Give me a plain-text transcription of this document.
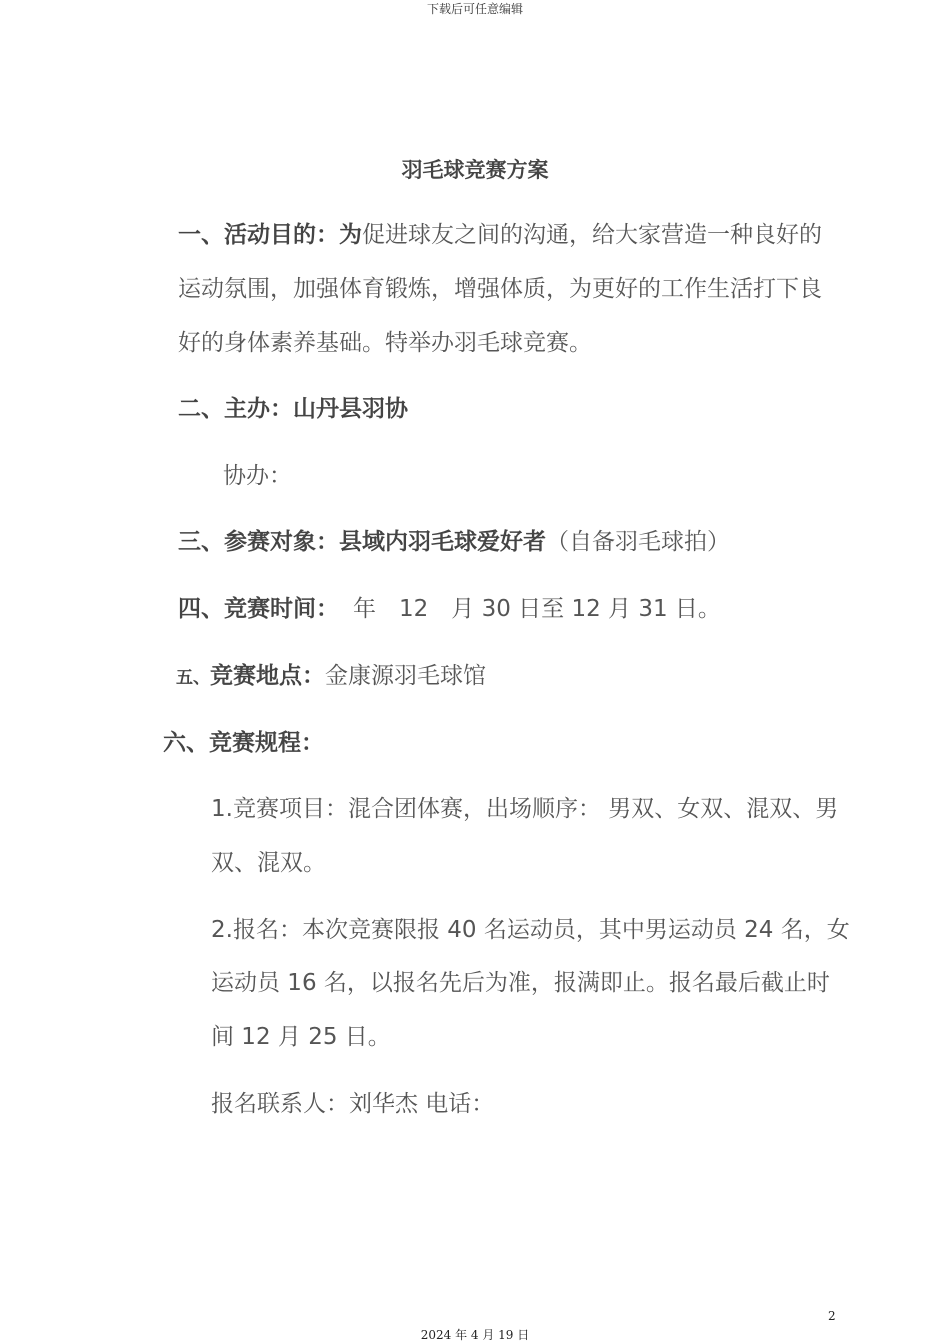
下载后可任意编辑
羽毛球竞赛方案
一、活动目的：为促进球友之间的沟通，给大家营造一种良好的
运动氛围，加强体育锻炼，增强体质，为更好的工作生活打下良
好的身体素养基础。特举办羽毛球竞赛。
二、主办：山丹县羽协
协办：
三、参赛对象：县域内羽毛球爱好者（自备羽毛球拍）
四、竞赛时间： 年　12　月 30 日至 12 月 31 日。
五、竞赛地点：金康源羽毛球馆
六、竞赛规程：
1.竞赛项目：混合团体赛，出场顺序： 男双、女双、混双、男
双、混双。
2.报名：本次竞赛限报 40 名运动员，其中男运动员 24 名，女
运动员 16 名，以报名先后为准，报满即止。报名最后截止时
间 12 月 25 日。
报名联系人：刘华杰 电话：
2
2024 年 4 月 19 日
